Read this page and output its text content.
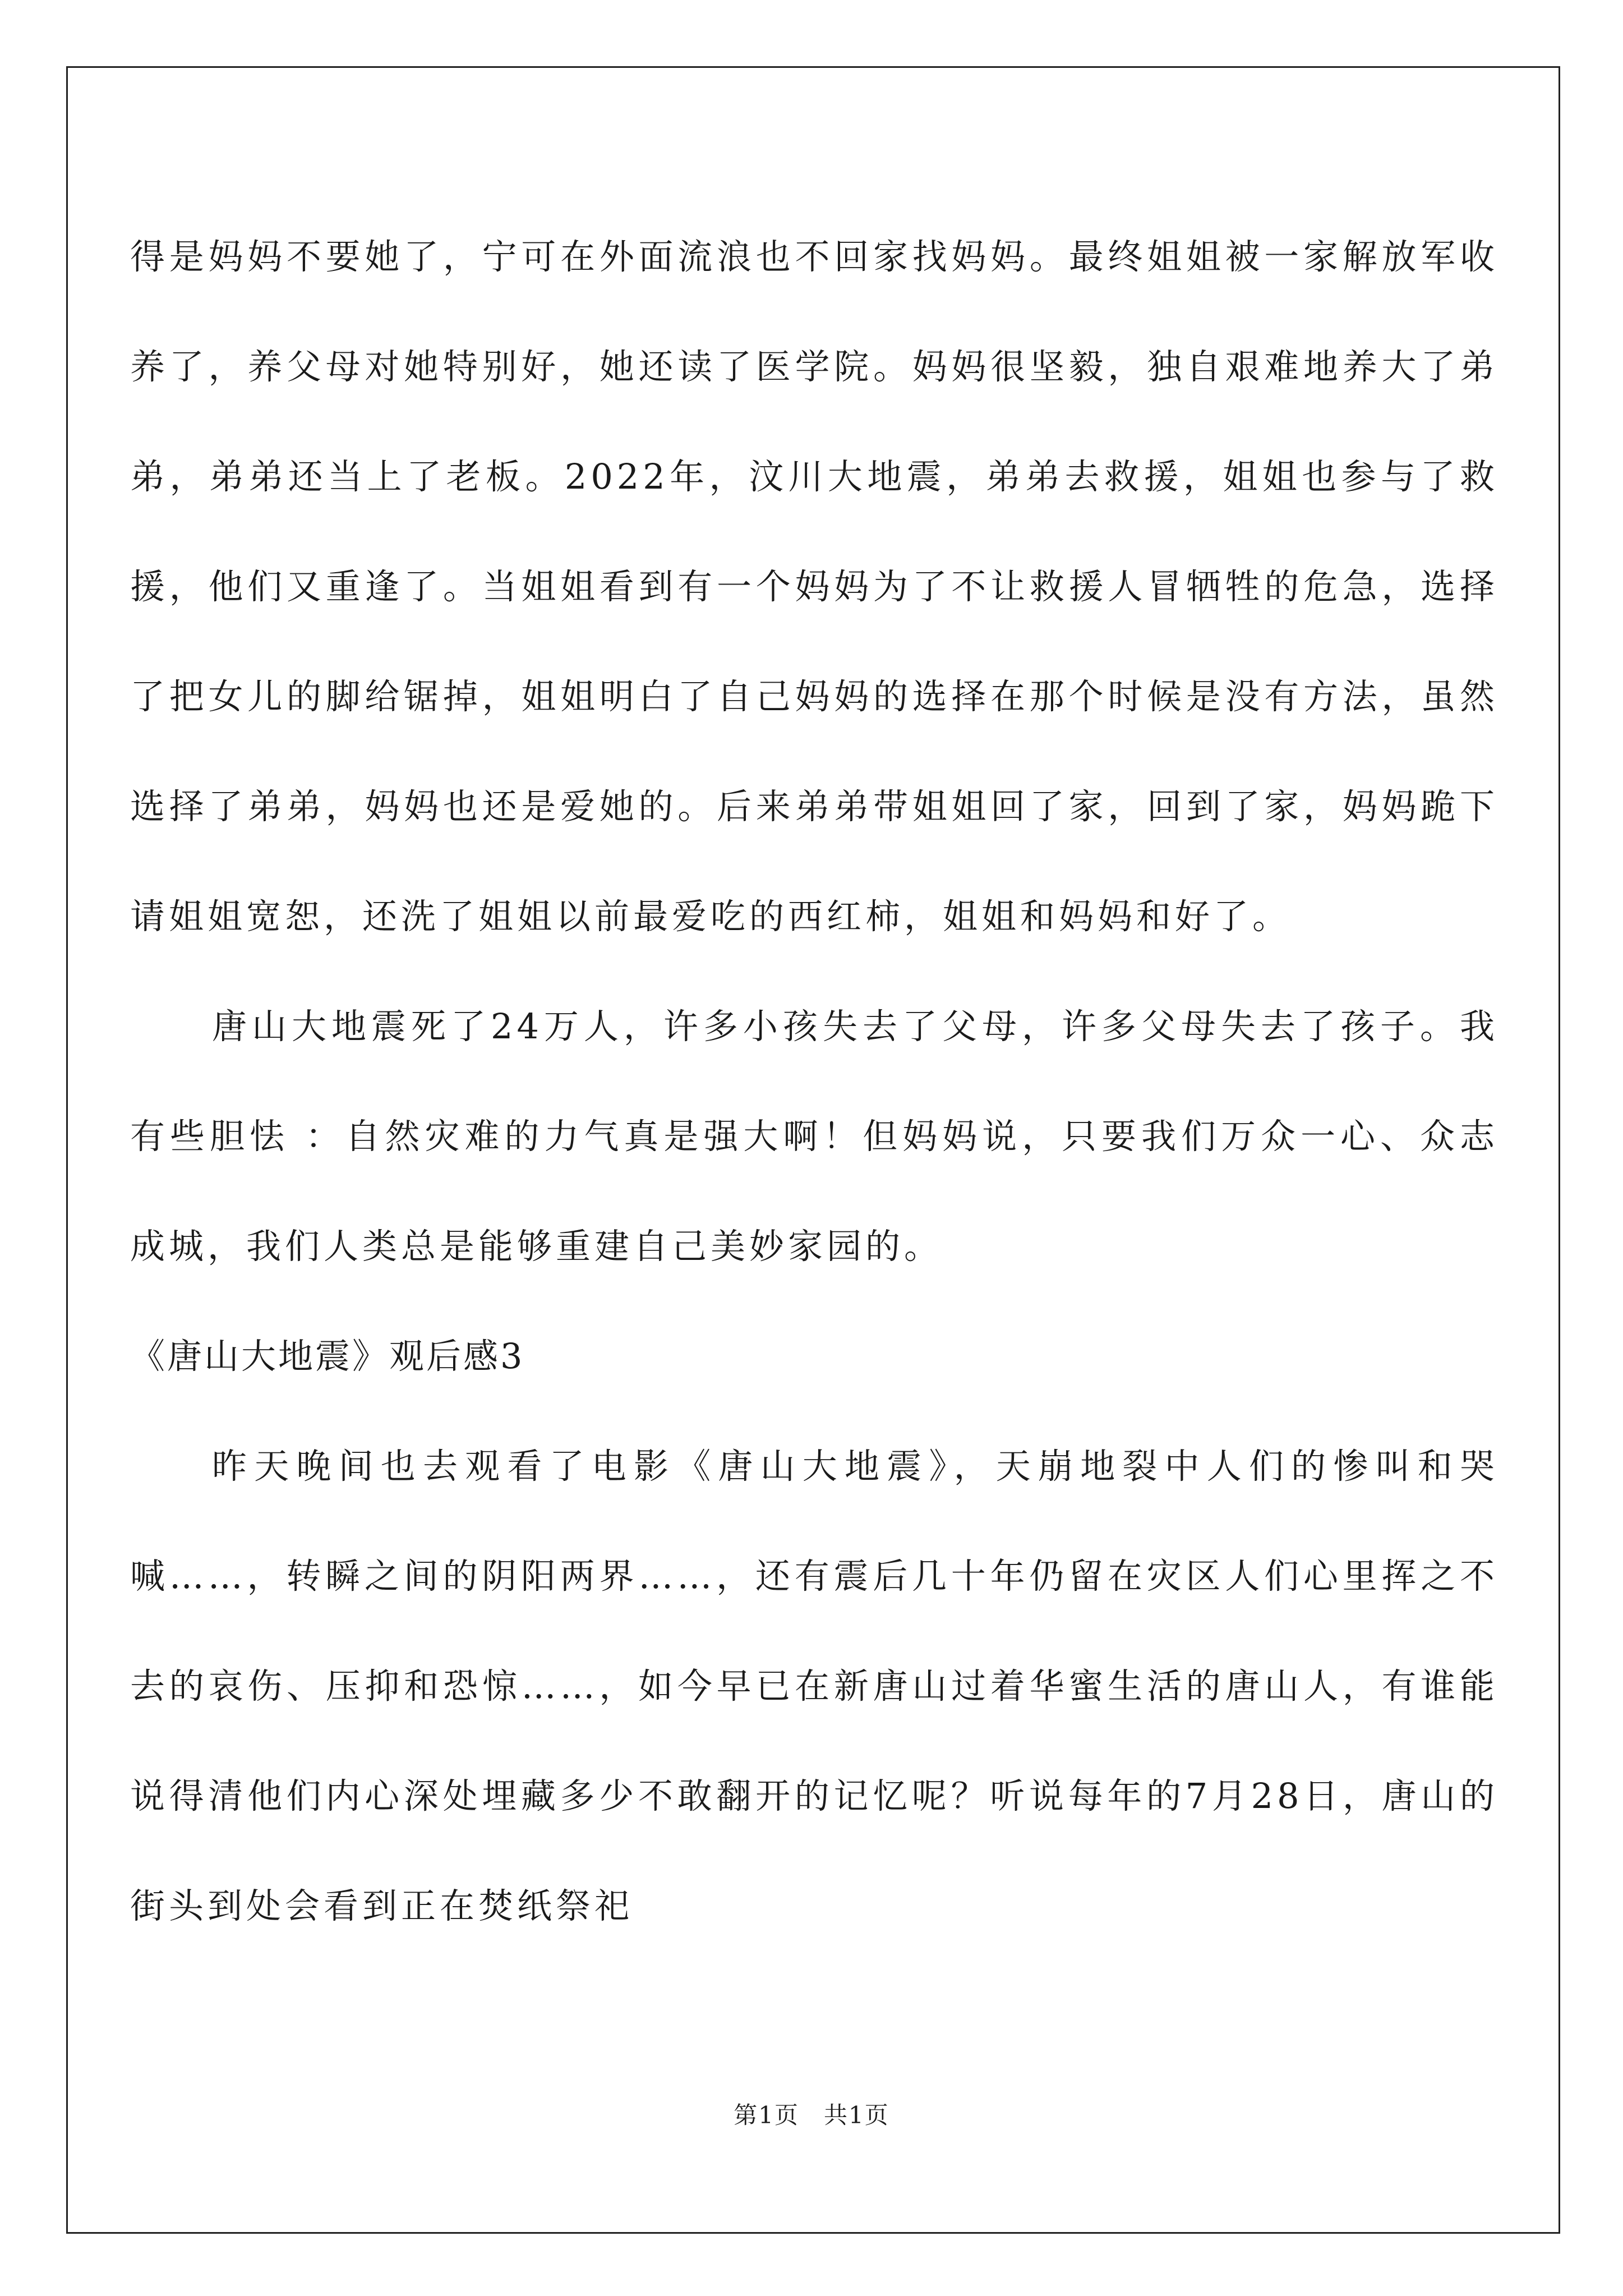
得是妈妈不要她了，宁可在外面流浪也不回家找妈妈。最终姐姐被一家解放军收养了，养父母对她特别好，她还读了医学院。妈妈很坚毅，独自艰难地养大了弟弟，弟弟还当上了老板。2022年，汶川大地震，弟弟去救援，姐姐也参与了救援，他们又重逢了。当姐姐看到有一个妈妈为了不让救援人冒牺牲的危急，选择了把女儿的脚给锯掉，姐姐明白了自己妈妈的选择在那个时候是没有方法，虽然选择了弟弟，妈妈也还是爱她的。后来弟弟带姐姐回了家，回到了家，妈妈跪下请姐姐宽恕，还洗了姐姐以前最爱吃的西红柿，姐姐和妈妈和好了。

唐山大地震死了24万人，许多小孩失去了父母，许多父母失去了孩子。我有些胆怯 ：自然灾难的力气真是强大啊！但妈妈说，只要我们万众一心、众志成城，我们人类总是能够重建自己美妙家园的。

《唐山大地震》观后感3

昨天晚间也去观看了电影《唐山大地震》，天崩地裂中人们的惨叫和哭喊……，转瞬之间的阴阳两界……，还有震后几十年仍留在灾区人们心里挥之不去的哀伤、压抑和恐惊……，如今早已在新唐山过着华蜜生活的唐山人，有谁能说得清他们内心深处埋藏多少不敢翻开的记忆呢？听说每年的7月28日，唐山的街头到处会看到正在焚纸祭祀

第1页　共1页
